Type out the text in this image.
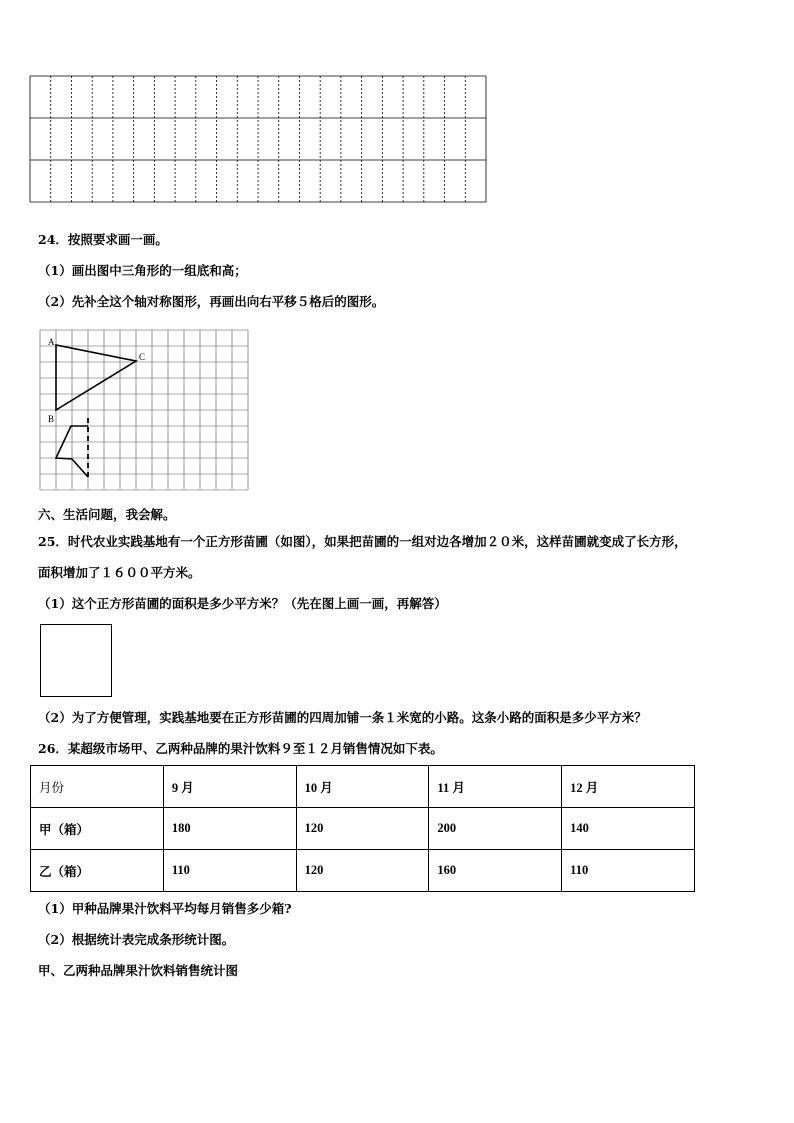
24．按照要求画一画。
（1）画出图中三角形的一组底和高；
（2）先补全这个轴对称图形，再画出向右平移５格后的图形。
A
B
C
六、生活问题，我会解。
25．时代农业实践基地有一个正方形苗圃（如图），如果把苗圃的一组对边各增加２０米，这样苗圃就变成了长方形，
面积增加了１６００平方米。
（1）这个正方形苗圃的面积是多少平方米？（先在图上画一画，再解答）
（2）为了方便管理，实践基地要在正方形苗圃的四周加铺一条１米宽的小路。这条小路的面积是多少平方米？
26．某超级市场甲、乙两种品牌的果汁饮料９至１２月销售情况如下表。
月份	9 月	10 月	11 月	12 月
甲（箱）	180	120	200	140
乙（箱）	110	120	160	110
（1）甲种品牌果汁饮料平均每月销售多少箱?
（2）根据统计表完成条形统计图。
甲、乙两种品牌果汁饮料销售统计图
